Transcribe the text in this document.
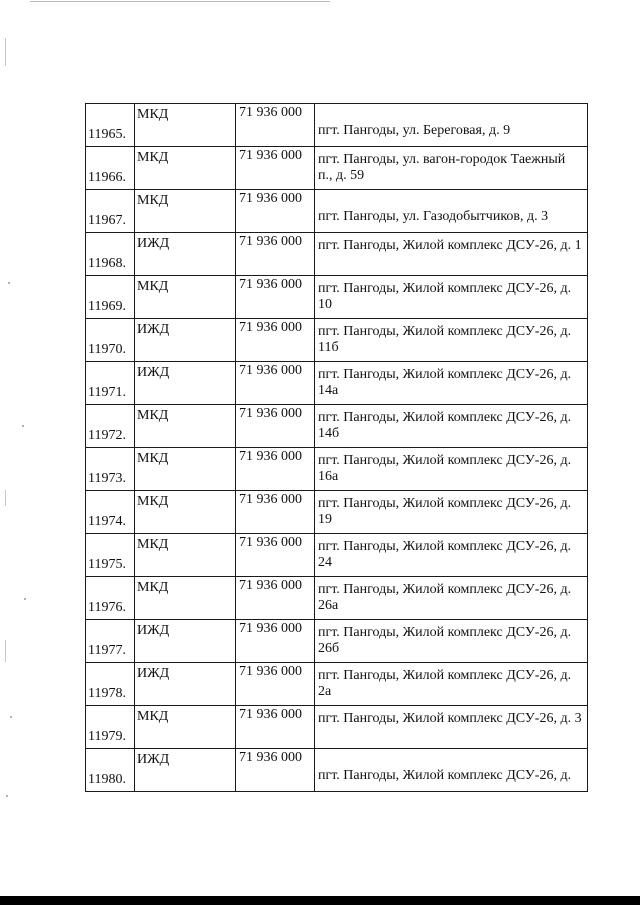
11965.	МКД	71 936 000	пгт. Пангоды, ул. Береговая, д. 9

11966.	МКД	71 936 000	пгт. Пангоды, ул. вагон-городок Таежный п., д. 59

11967.	МКД	71 936 000	пгт. Пангоды, ул. Газодобытчиков, д. 3

11968.	ИЖД	71 936 000	пгт. Пангоды, Жилой комплекс ДСУ-26, д. 1

11969.	МКД	71 936 000	пгт. Пангоды, Жилой комплекс ДСУ-26, д. 10

11970.	ИЖД	71 936 000	пгт. Пангоды, Жилой комплекс ДСУ-26, д. 11б

11971.	ИЖД	71 936 000	пгт. Пангоды, Жилой комплекс ДСУ-26, д. 14а

11972.	МКД	71 936 000	пгт. Пангоды, Жилой комплекс ДСУ-26, д. 14б

11973.	МКД	71 936 000	пгт. Пангоды, Жилой комплекс ДСУ-26, д. 16а

11974.	МКД	71 936 000	пгт. Пангоды, Жилой комплекс ДСУ-26, д. 19

11975.	МКД	71 936 000	пгт. Пангоды, Жилой комплекс ДСУ-26, д. 24

11976.	МКД	71 936 000	пгт. Пангоды, Жилой комплекс ДСУ-26, д. 26а

11977.	ИЖД	71 936 000	пгт. Пангоды, Жилой комплекс ДСУ-26, д. 26б

11978.	ИЖД	71 936 000	пгт. Пангоды, Жилой комплекс ДСУ-26, д. 2а

11979.	МКД	71 936 000	пгт. Пангоды, Жилой комплекс ДСУ-26, д. 3

11980.	ИЖД	71 936 000	пгт. Пангоды, Жилой комплекс ДСУ-26, д.
